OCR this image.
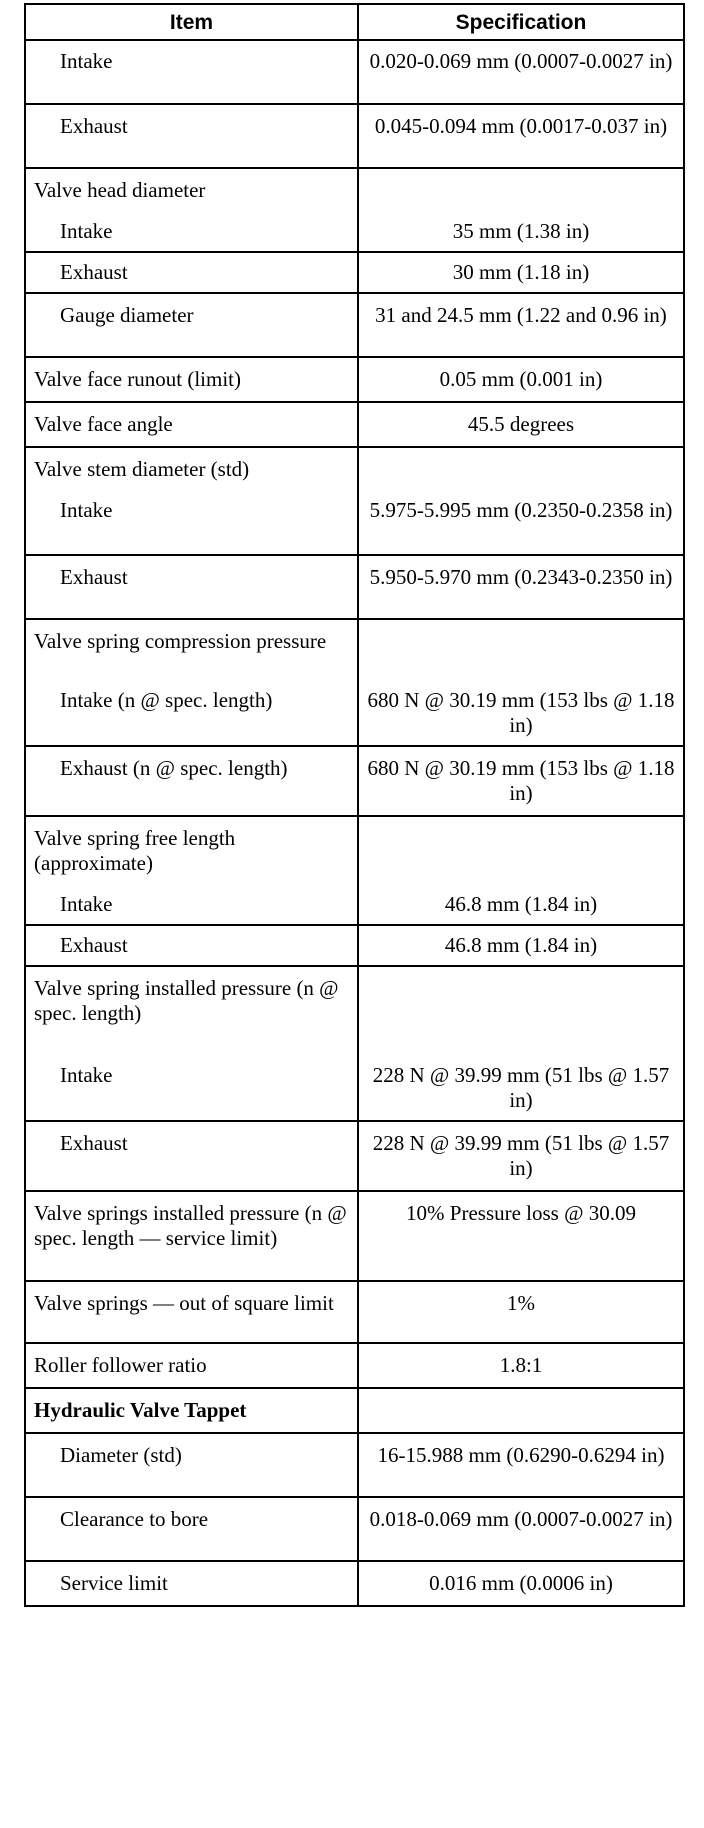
Item	Specification
Intake	0.020-0.069 mm (0.0007-0.0027 in)
Exhaust	0.045-0.094 mm (0.0017-0.037 in)
Valve head diameter	
Intake	35 mm (1.38 in)
Exhaust	30 mm (1.18 in)
Gauge diameter	31 and 24.5 mm (1.22 and 0.96 in)
Valve face runout (limit)	0.05 mm (0.001 in)
Valve face angle	45.5 degrees
Valve stem diameter (std)	
Intake	5.975-5.995 mm (0.2350-0.2358 in)
Exhaust	5.950-5.970 mm (0.2343-0.2350 in)
Valve spring compression pressure	

Intake (n @ spec. length)	680 N @ 30.19 mm (153 lbs @ 1.18 in)

Exhaust (n @ spec. length)	680 N @ 30.19 mm (153 lbs @ 1.18 in)
Valve spring free length (approximate)	
Intake	46.8 mm (1.84 in)
Exhaust	46.8 mm (1.84 in)
Valve spring installed pressure (n @ spec. length)	
Intake	228 N @ 39.99 mm (51 lbs @ 1.57 in)
Exhaust	228 N @ 39.99 mm (51 lbs @ 1.57 in)
Valve springs installed pressure (n @ spec. length — service limit)	10% Pressure loss @ 30.09
Valve springs — out of square limit	1%
Roller follower ratio	1.8:1
Hydraulic Valve Tappet	
Diameter (std)	16-15.988 mm (0.6290-0.6294 in)
Clearance to bore	0.018-0.069 mm (0.0007-0.0027 in)
Service limit	0.016 mm (0.0006 in)
